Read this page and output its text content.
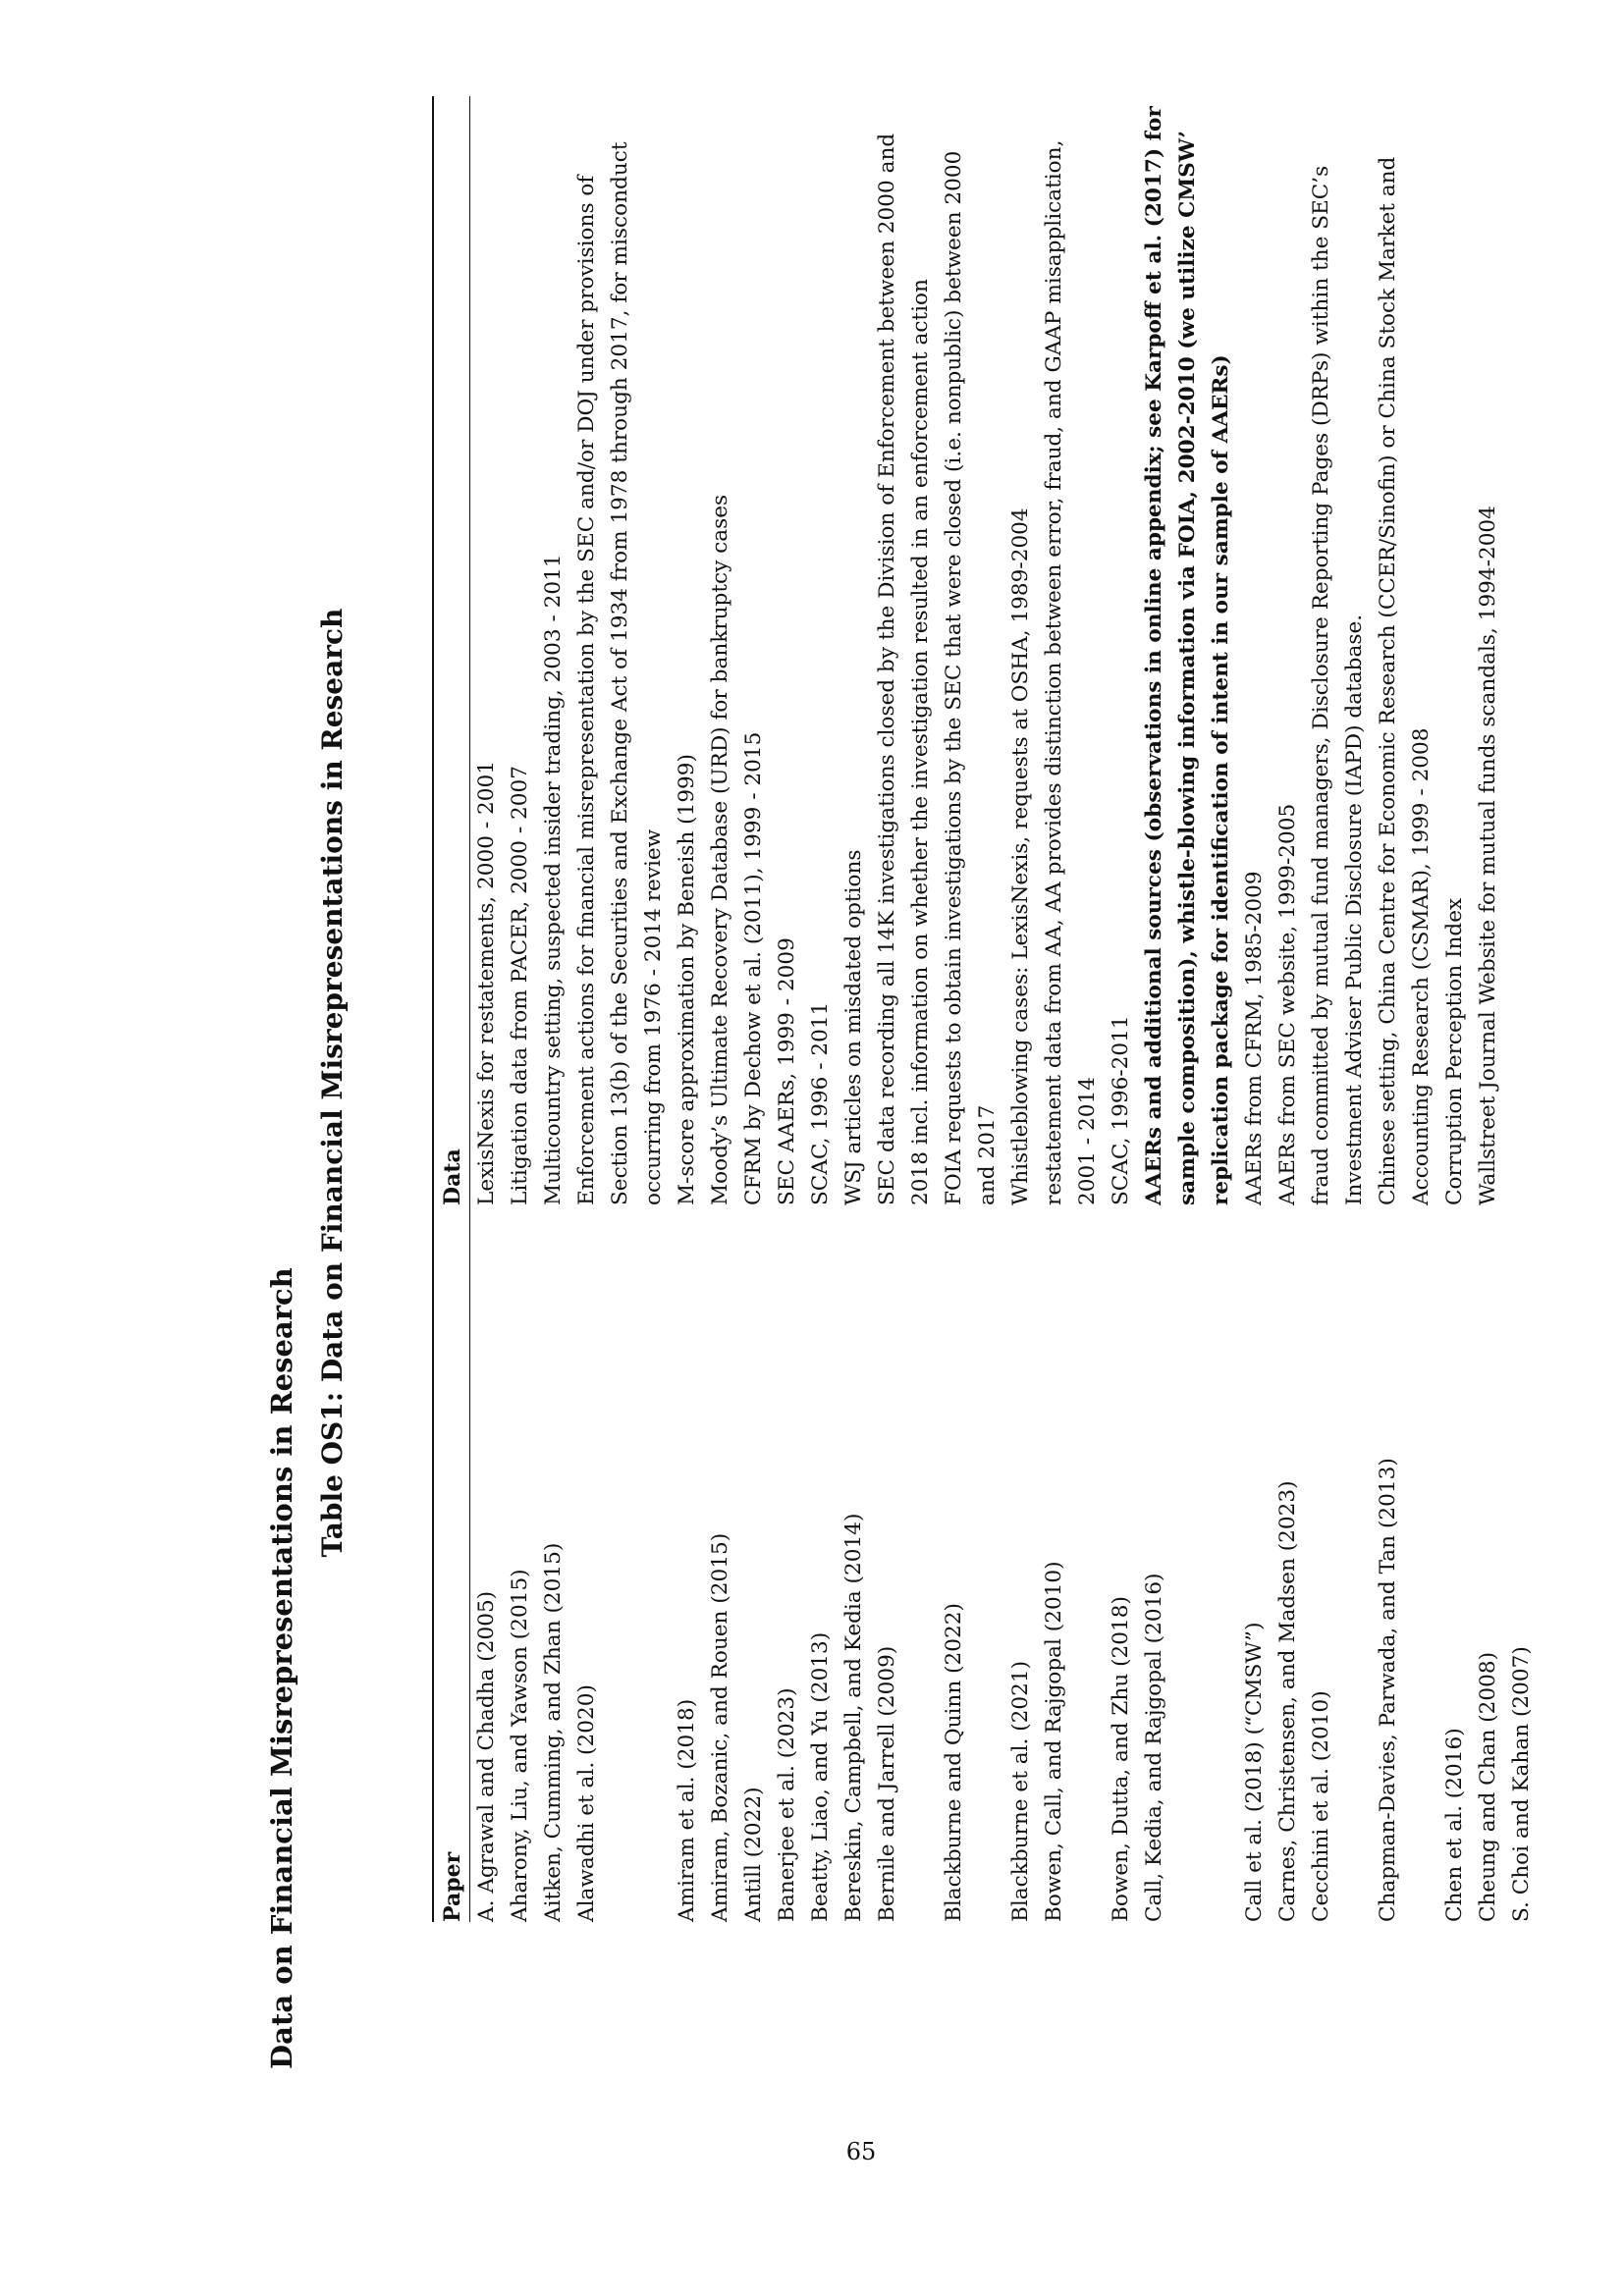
Data on Financial Misrepresentations in Research
Table OS1: Data on Financial Misrepresentations in Research
Paper	Data
A. Agrawal and Chadha (2005)	LexisNexis for restatements, 2000 - 2001
Aharony, Liu, and Yawson (2015)	Litigation data from PACER, 2000 - 2007
Aitken, Cumming, and Zhan (2015)	Multicountry setting, suspected insider trading, 2003 - 2011
Alawadhi et al. (2020)	Enforcement actions for financial misrepresentation by the SEC and/or DOJ under provisions of Section 13(b) of the Securities and Exchange Act of 1934 from 1978 through 2017, for misconduct occurring from 1976 - 2014 review
Amiram et al. (2018)	M-score approximation by Beneish (1999)
Amiram, Bozanic, and Rouen (2015)	Moody’s Ultimate Recovery Database (URD) for bankruptcy cases
Antill (2022)	CFRM by Dechow et al. (2011), 1999 - 2015
Banerjee et al. (2023)	SEC AAERs, 1999 - 2009
Beatty, Liao, and Yu (2013)	SCAC, 1996 - 2011
Bereskin, Campbell, and Kedia (2014)	WSJ articles on misdated options
Bernile and Jarrell (2009)	SEC data recording all 14K investigations closed by the Division of Enforcement between 2000 and 2018 incl. information on whether the investigation resulted in an enforcement action
Blackburne and Quinn (2022)	FOIA requests to obtain investigations by the SEC that were closed (i.e. nonpublic) between 2000 and 2017
Blackburne et al. (2021)	Whistleblowing cases: LexisNexis, requests at OSHA, 1989-2004
Bowen, Call, and Rajgopal (2010)	restatement data from AA, AA provides distinction between error, fraud, and GAAP misapplication, 2001 - 2014
Bowen, Dutta, and Zhu (2018)	SCAC, 1996-2011
Call, Kedia, and Rajgopal (2016)	AAERs and additional sources (observations in online appendix; see Karpoff et al. (2017) for sample composition), whistle-blowing information via FOIA, 2002-2010 (we utilize CMSW’ replication package for identification of intent in our sample of AAERs)
Call et al. (2018) (“CMSW”)	AAERs from CFRM, 1985-2009
Carnes, Christensen, and Madsen (2023)	AAERs from SEC website, 1999-2005
Cecchini et al. (2010)	fraud committed by mutual fund managers, Disclosure Reporting Pages (DRPs) within the SEC’s Investment Adviser Public Disclosure (IAPD) database.
Chapman-Davies, Parwada, and Tan (2013)	Chinese setting, China Centre for Economic Research (CCER/Sinofin) or China Stock Market and Accounting Research (CSMAR), 1999 - 2008
Chen et al. (2016)	Corruption Perception Index
Cheung and Chan (2008)	Wallstreet Journal Website for mutual funds scandals, 1994-2004
S. Choi and Kahan (2007)	
65
